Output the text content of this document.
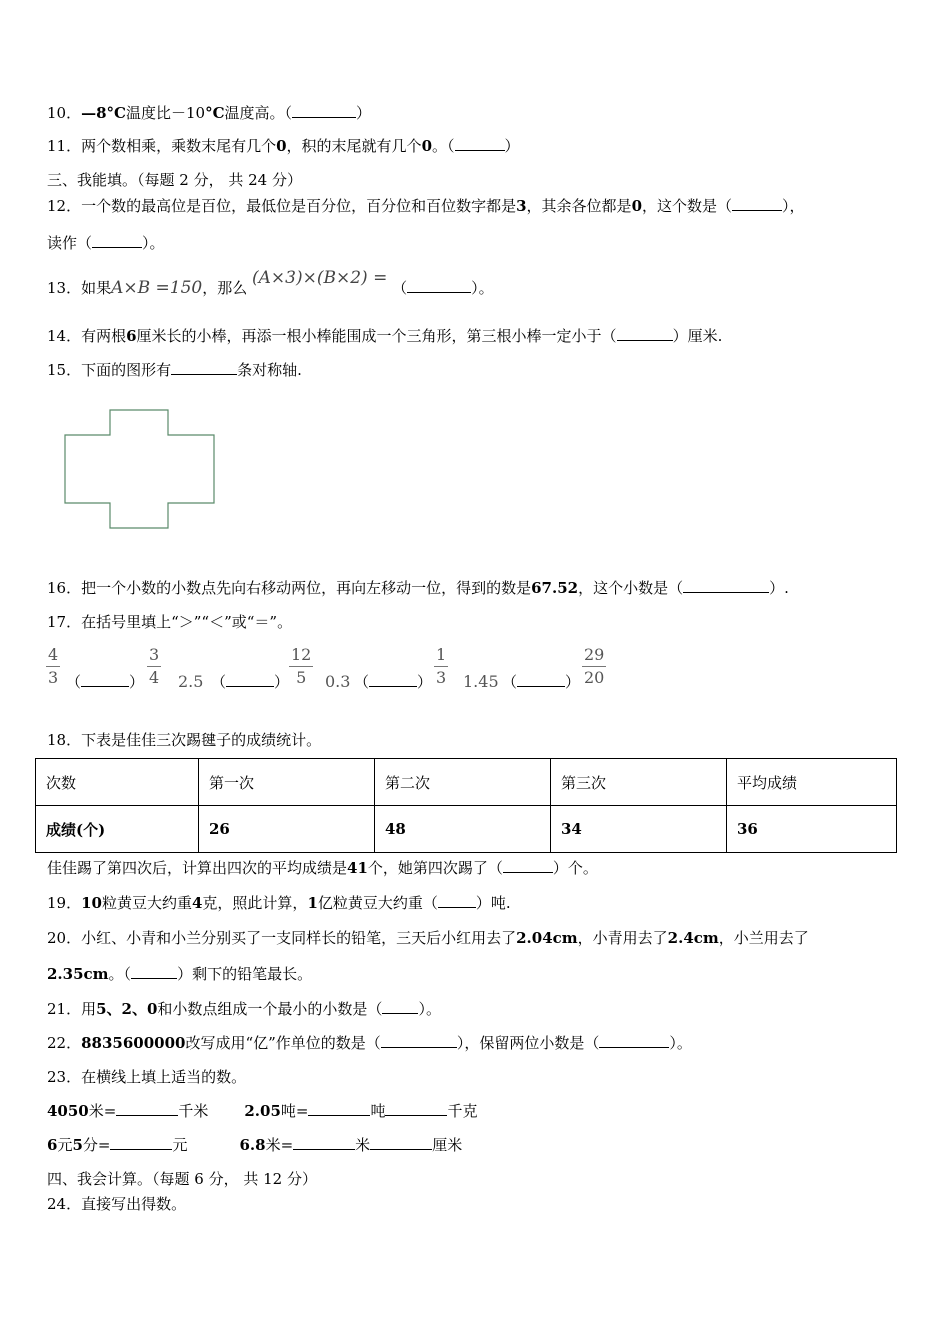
10．—8°C温度比－10°C温度高。（	）
11．两个数相乘，乘数末尾有几个0，积的末尾就有几个0。（	）
三、我能填。（每题 2 分， 共 24 分）
12．一个数的最高位是百位，最低位是百分位，百分位和百位数字都是3，其余各位都是0，这个数是（	），
读作（	）。
13．如果A×B =150，那么 (A×3)×(B×2) = （	）。
14．有两根6厘米长的小棒，再添一根小棒能围成一个三角形，第三根小棒一定小于（	）厘米.
15．下面的图形有	条对称轴.
16．把一个小数的小数点先向右移动两位，再向左移动一位，得到的数是67.52，这个小数是（	）.
17．在括号里填上“＞”“＜”或“＝”。
$\frac{4}{3}$ （	） $\frac{3}{4} 2.5$ （	） $\frac{12}{5} 0.3$ （	） $\frac{1}{3} 1.45$ （	） $\frac{29}{20}$
18．下表是佳佳三次踢毽子的成绩统计。
次数	第一次	第二次	第三次	平均成绩
成绩(个)	26	48	34	36
佳佳踢了第四次后，计算出四次的平均成绩是41个，她第四次踢了（	）个。
19．10粒黄豆大约重4克，照此计算，1亿粒黄豆大约重（	）吨.
20．小红、小青和小兰分别买了一支同样长的铅笔，三天后小红用去了2.04cm，小青用去了2.4cm，小兰用去了
2.35cm。（	）剩下的铅笔最长。
21．用5、2、0和小数点组成一个最小的小数是（ ）。
22．8835600000改写成用“亿”作单位的数是（	），保留两位小数是（	）。
23．在横线上填上适当的数。
4050米=	千米 2.05吨=	吨	千克
6元5分=	元	6.8米=	米	厘米
四、我会计算。（每题 6 分， 共 12 分）
24．直接写出得数。
